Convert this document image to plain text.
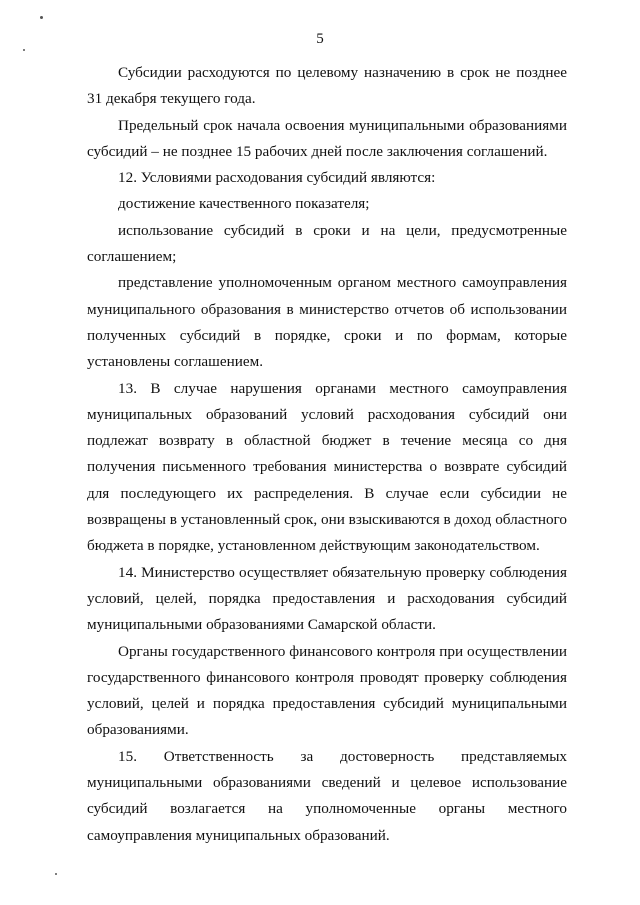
5

Субсидии расходуются по целевому назначению в срок не позднее 31 декабря текущего года.

Предельный срок начала освоения муниципальными образованиями субсидий – не позднее 15 рабочих дней после заключения соглашений.

12. Условиями расходования субсидий являются:

достижение качественного показателя;

использование субсидий в сроки и на цели, предусмотренные соглашением;

представление уполномоченным органом местного самоуправления муниципального образования в министерство отчетов об использовании полученных субсидий в порядке, сроки и по формам, которые установлены соглашением.

13. В случае нарушения органами местного самоуправления муниципальных образований условий расходования субсидий они подлежат возврату в областной бюджет в течение месяца со дня получения письменного требования министерства о возврате субсидий для последующего их распределения. В случае если субсидии не возвращены в установленный срок, они взыскиваются в доход областного бюджета в порядке, установленном действующим законодательством.

14. Министерство осуществляет обязательную проверку соблюдения условий, целей, порядка предоставления и расходования субсидий муниципальными образованиями Самарской области.

Органы государственного финансового контроля при осуществлении государственного финансового контроля проводят проверку соблюдения условий, целей и порядка предоставления субсидий муниципальными образованиями.

15. Ответственность за достоверность представляемых муниципальными образованиями сведений и целевое использование субсидий возлагается на уполномоченные органы местного самоуправления муниципальных образований.
